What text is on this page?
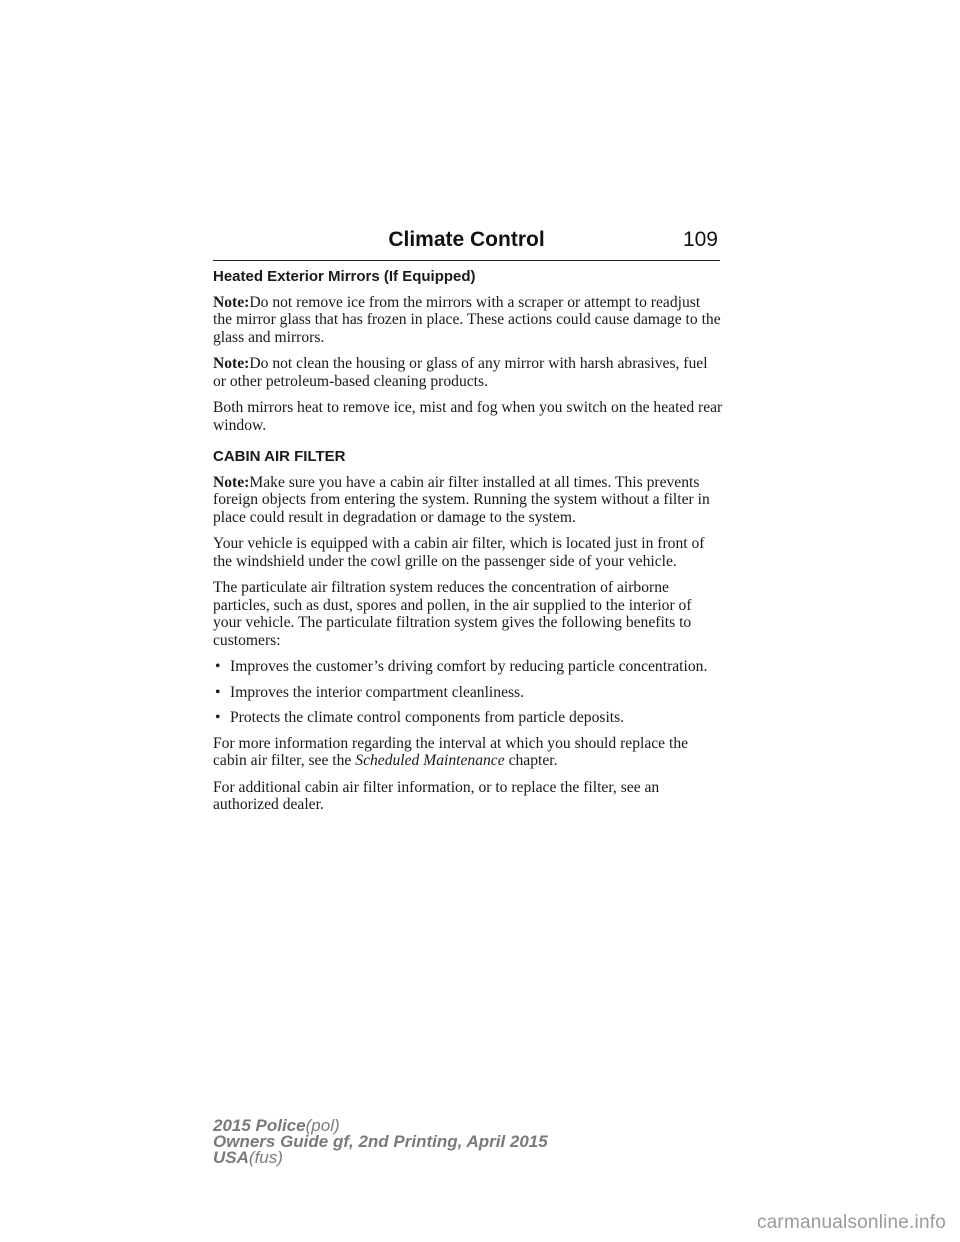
Climate Control	109
Heated Exterior Mirrors (If Equipped)

Note:Do not remove ice from the mirrors with a scraper or attempt to readjust the mirror glass that has frozen in place. These actions could cause damage to the glass and mirrors.

Note:Do not clean the housing or glass of any mirror with harsh abrasives, fuel or other petroleum-based cleaning products.

Both mirrors heat to remove ice, mist and fog when you switch on the heated rear window.

CABIN AIR FILTER

Note:Make sure you have a cabin air filter installed at all times. This prevents foreign objects from entering the system. Running the system without a filter in place could result in degradation or damage to the system.

Your vehicle is equipped with a cabin air filter, which is located just in front of the windshield under the cowl grille on the passenger side of your vehicle.

The particulate air filtration system reduces the concentration of airborne particles, such as dust, spores and pollen, in the air supplied to the interior of your vehicle. The particulate filtration system gives the following benefits to customers:

• Improves the customer’s driving comfort by reducing particle concentration.
• Improves the interior compartment cleanliness.
• Protects the climate control components from particle deposits.

For more information regarding the interval at which you should replace the cabin air filter, see the Scheduled Maintenance chapter.

For additional cabin air filter information, or to replace the filter, see an authorized dealer.

2015 Police(pol)
Owners Guide gf, 2nd Printing, April 2015
USA(fus)
carmanualsonline.info
